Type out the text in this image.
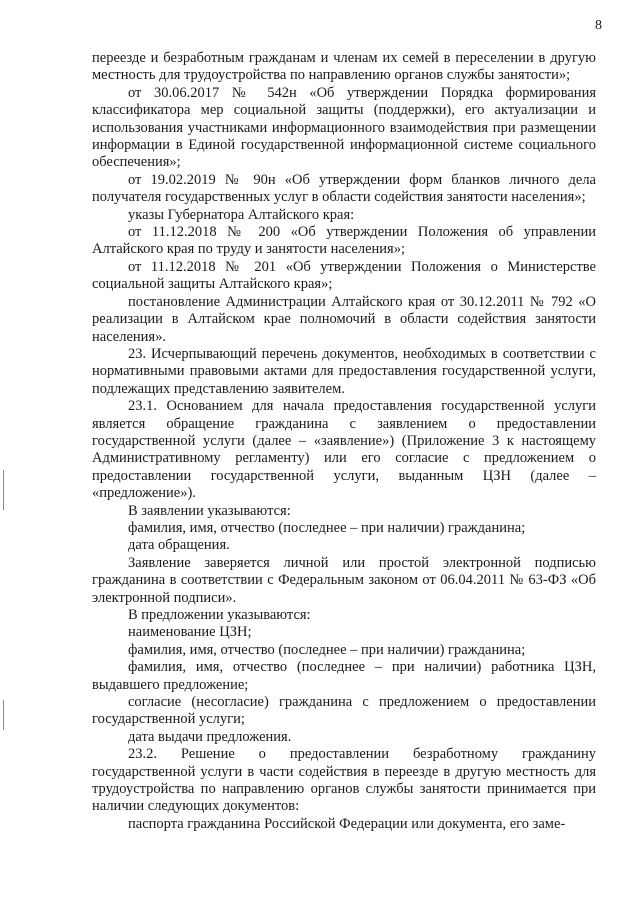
8

переезде и безработным гражданам и членам их семей в переселении в другую местность для трудоустройства по направлению органов службы занятости»;

от 30.06.2017 № 542н «Об утверждении Порядка формирования классификатора мер социальной защиты (поддержки), его актуализации и использования участниками информационного взаимодействия при размещении информации в Единой государственной информационной системе социального обеспечения»;

от 19.02.2019 № 90н «Об утверждении форм бланков личного дела получателя государственных услуг в области содействия занятости населения»;

указы Губернатора Алтайского края:

от 11.12.2018 № 200 «Об утверждении Положения об управлении Алтайского края по труду и занятости населения»;

от 11.12.2018 № 201 «Об утверждении Положения о Министерстве социальной защиты Алтайского края»;

постановление Администрации Алтайского края от 30.12.2011 № 792 «О реализации в Алтайском крае полномочий в области содействия занятости населения».

23. Исчерпывающий перечень документов, необходимых в соответствии с нормативными правовыми актами для предоставления государственной услуги, подлежащих представлению заявителем.

23.1. Основанием для начала предоставления государственной услуги является обращение гражданина с заявлением о предоставлении государственной услуги (далее – «заявление») (Приложение 3 к настоящему Административному регламенту) или его согласие с предложением о предоставлении государственной услуги, выданным ЦЗН (далее – «предложение»).

В заявлении указываются:

фамилия, имя, отчество (последнее – при наличии) гражданина;

дата обращения.

Заявление заверяется личной или простой электронной подписью гражданина в соответствии с Федеральным законом от 06.04.2011 № 63-ФЗ «Об электронной подписи».

В предложении указываются:

наименование ЦЗН;

фамилия, имя, отчество (последнее – при наличии) гражданина;

фамилия, имя, отчество (последнее – при наличии) работника ЦЗН, выдавшего предложение;

согласие (несогласие) гражданина с предложением о предоставлении государственной услуги;

дата выдачи предложения.

23.2. Решение о предоставлении безработному гражданину государственной услуги в части содействия в переезде в другую местность для трудоустройства по направлению органов службы занятости принимается при наличии следующих документов:

паспорта гражданина Российской Федерации или документа, его заме-
